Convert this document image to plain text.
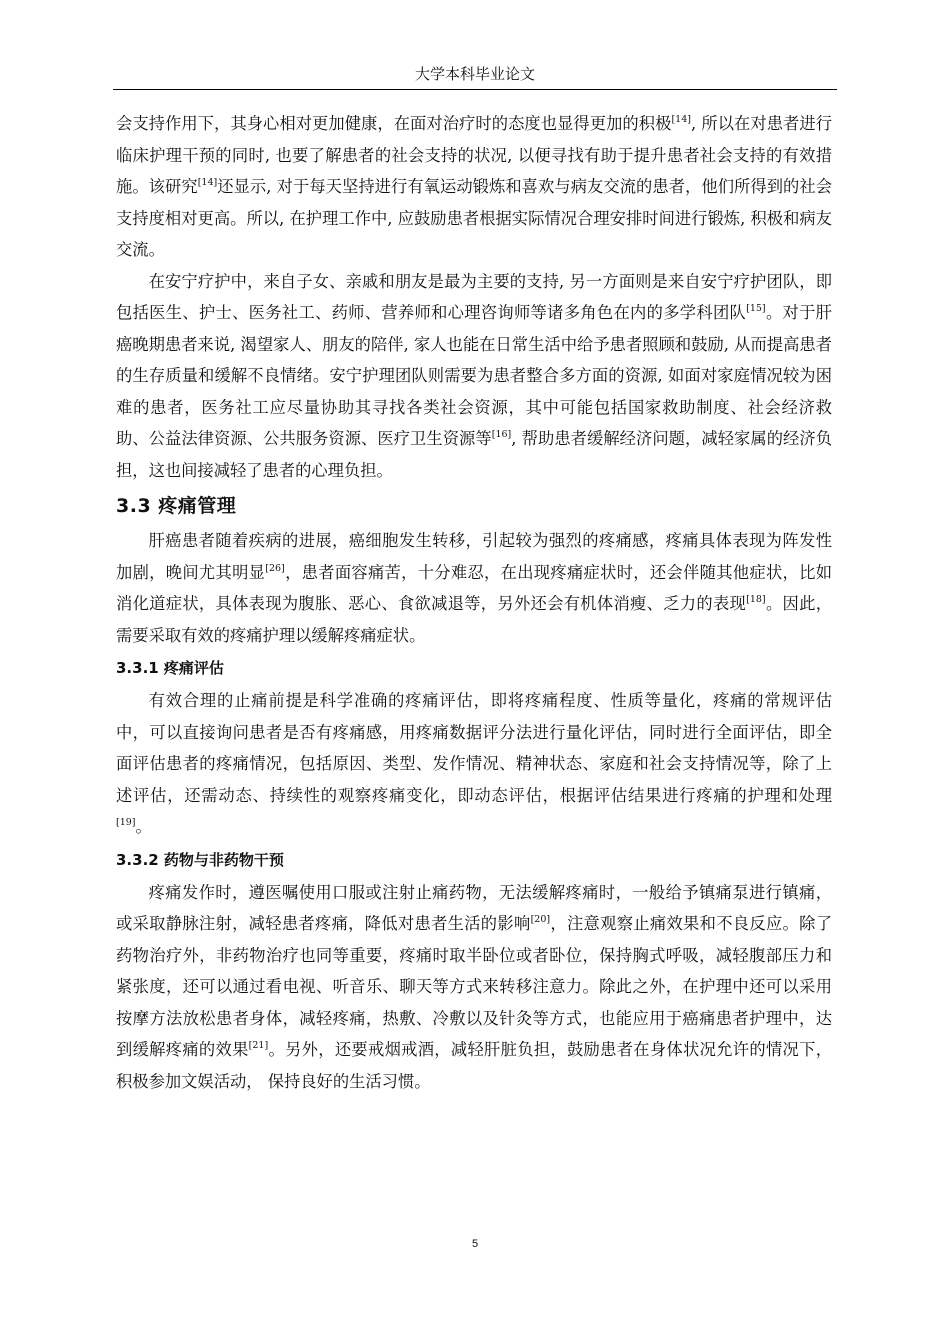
大学本科毕业论文

会支持作用下，其身心相对更加健康，在面对治疗时的态度也显得更加的积极[14], 所以在对患者进行临床护理干预的同时, 也要了解患者的社会支持的状况, 以便寻找有助于提升患者社会支持的有效措施。该研究[14]还显示, 对于每天坚持进行有氧运动锻炼和喜欢与病友交流的患者，他们所得到的社会支持度相对更高。所以, 在护理工作中, 应鼓励患者根据实际情况合理安排时间进行锻炼, 积极和病友交流。

在安宁疗护中，来自子女、亲戚和朋友是最为主要的支持, 另一方面则是来自安宁疗护团队，即包括医生、护士、医务社工、药师、营养师和心理咨询师等诸多角色在内的多学科团队[15]。对于肝癌晚期患者来说, 渴望家人、朋友的陪伴, 家人也能在日常生活中给予患者照顾和鼓励, 从而提高患者的生存质量和缓解不良情绪。安宁护理团队则需要为患者整合多方面的资源, 如面对家庭情况较为困难的患者，医务社工应尽量协助其寻找各类社会资源，其中可能包括国家救助制度、社会经济救助、公益法律资源、公共服务资源、医疗卫生资源等[16], 帮助患者缓解经济问题，减轻家属的经济负担，这也间接减轻了患者的心理负担。

3.3 疼痛管理

肝癌患者随着疾病的进展，癌细胞发生转移，引起较为强烈的疼痛感，疼痛具体表现为阵发性加剧，晚间尤其明显[26]，患者面容痛苦，十分难忍，在出现疼痛症状时，还会伴随其他症状，比如消化道症状，具体表现为腹胀、恶心、食欲减退等，另外还会有机体消瘦、乏力的表现[18]。因此，需要采取有效的疼痛护理以缓解疼痛症状。

3.3.1 疼痛评估

有效合理的止痛前提是科学准确的疼痛评估，即将疼痛程度、性质等量化，疼痛的常规评估中，可以直接询问患者是否有疼痛感，用疼痛数据评分法进行量化评估，同时进行全面评估，即全面评估患者的疼痛情况，包括原因、类型、发作情况、精神状态、家庭和社会支持情况等，除了上述评估，还需动态、持续性的观察疼痛变化，即动态评估，根据评估结果进行疼痛的护理和处理[19]。

3.3.2 药物与非药物干预

疼痛发作时，遵医嘱使用口服或注射止痛药物，无法缓解疼痛时，一般给予镇痛泵进行镇痛，或采取静脉注射，减轻患者疼痛，降低对患者生活的影响[20]，注意观察止痛效果和不良反应。除了药物治疗外，非药物治疗也同等重要，疼痛时取半卧位或者卧位，保持胸式呼吸，减轻腹部压力和紧张度，还可以通过看电视、听音乐、聊天等方式来转移注意力。除此之外，在护理中还可以采用按摩方法放松患者身体，减轻疼痛，热敷、冷敷以及针灸等方式，也能应用于癌痛患者护理中，达到缓解疼痛的效果[21]。另外，还要戒烟戒酒，减轻肝脏负担，鼓励患者在身体状况允许的情况下，积极参加文娱活动， 保持良好的生活习惯。

5
